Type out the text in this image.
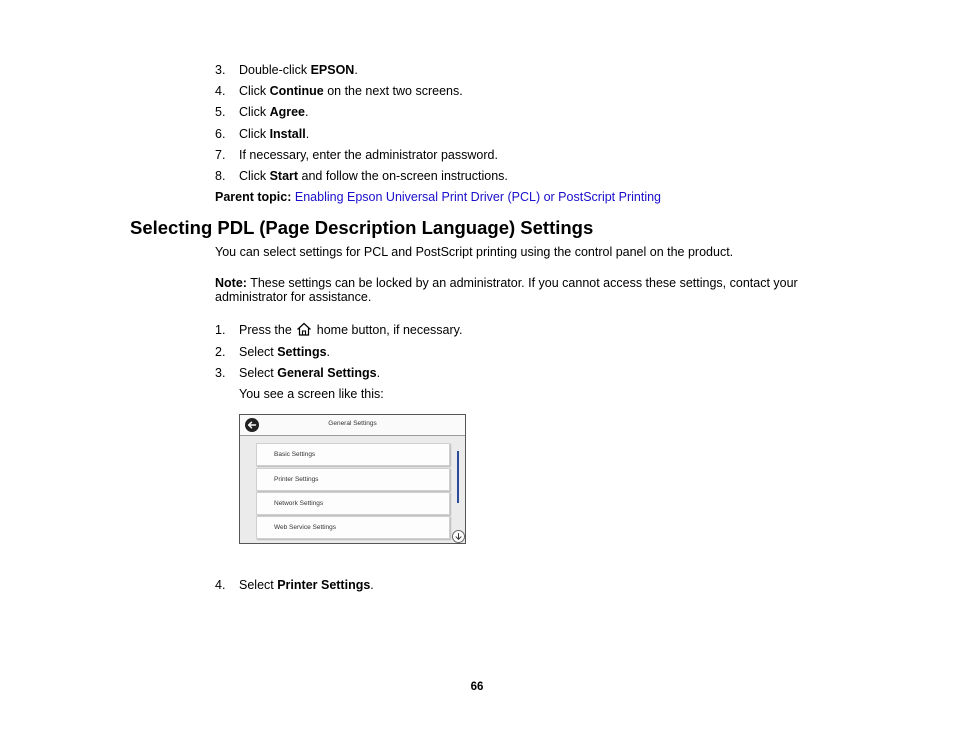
3. Double-click EPSON.
4. Click Continue on the next two screens.
5. Click Agree.
6. Click Install.
7. If necessary, enter the administrator password.
8. Click Start and follow the on-screen instructions.
Parent topic: Enabling Epson Universal Print Driver (PCL) or PostScript Printing
Selecting PDL (Page Description Language) Settings
You can select settings for PCL and PostScript printing using the control panel on the product.
Note: These settings can be locked by an administrator. If you cannot access these settings, contact your administrator for assistance.
1. Press the home button, if necessary.
2. Select Settings.
3. Select General Settings.
You see a screen like this:
General Settings
Basic Settings
Printer Settings
Network Settings
Web Service Settings
4. Select Printer Settings.
66
